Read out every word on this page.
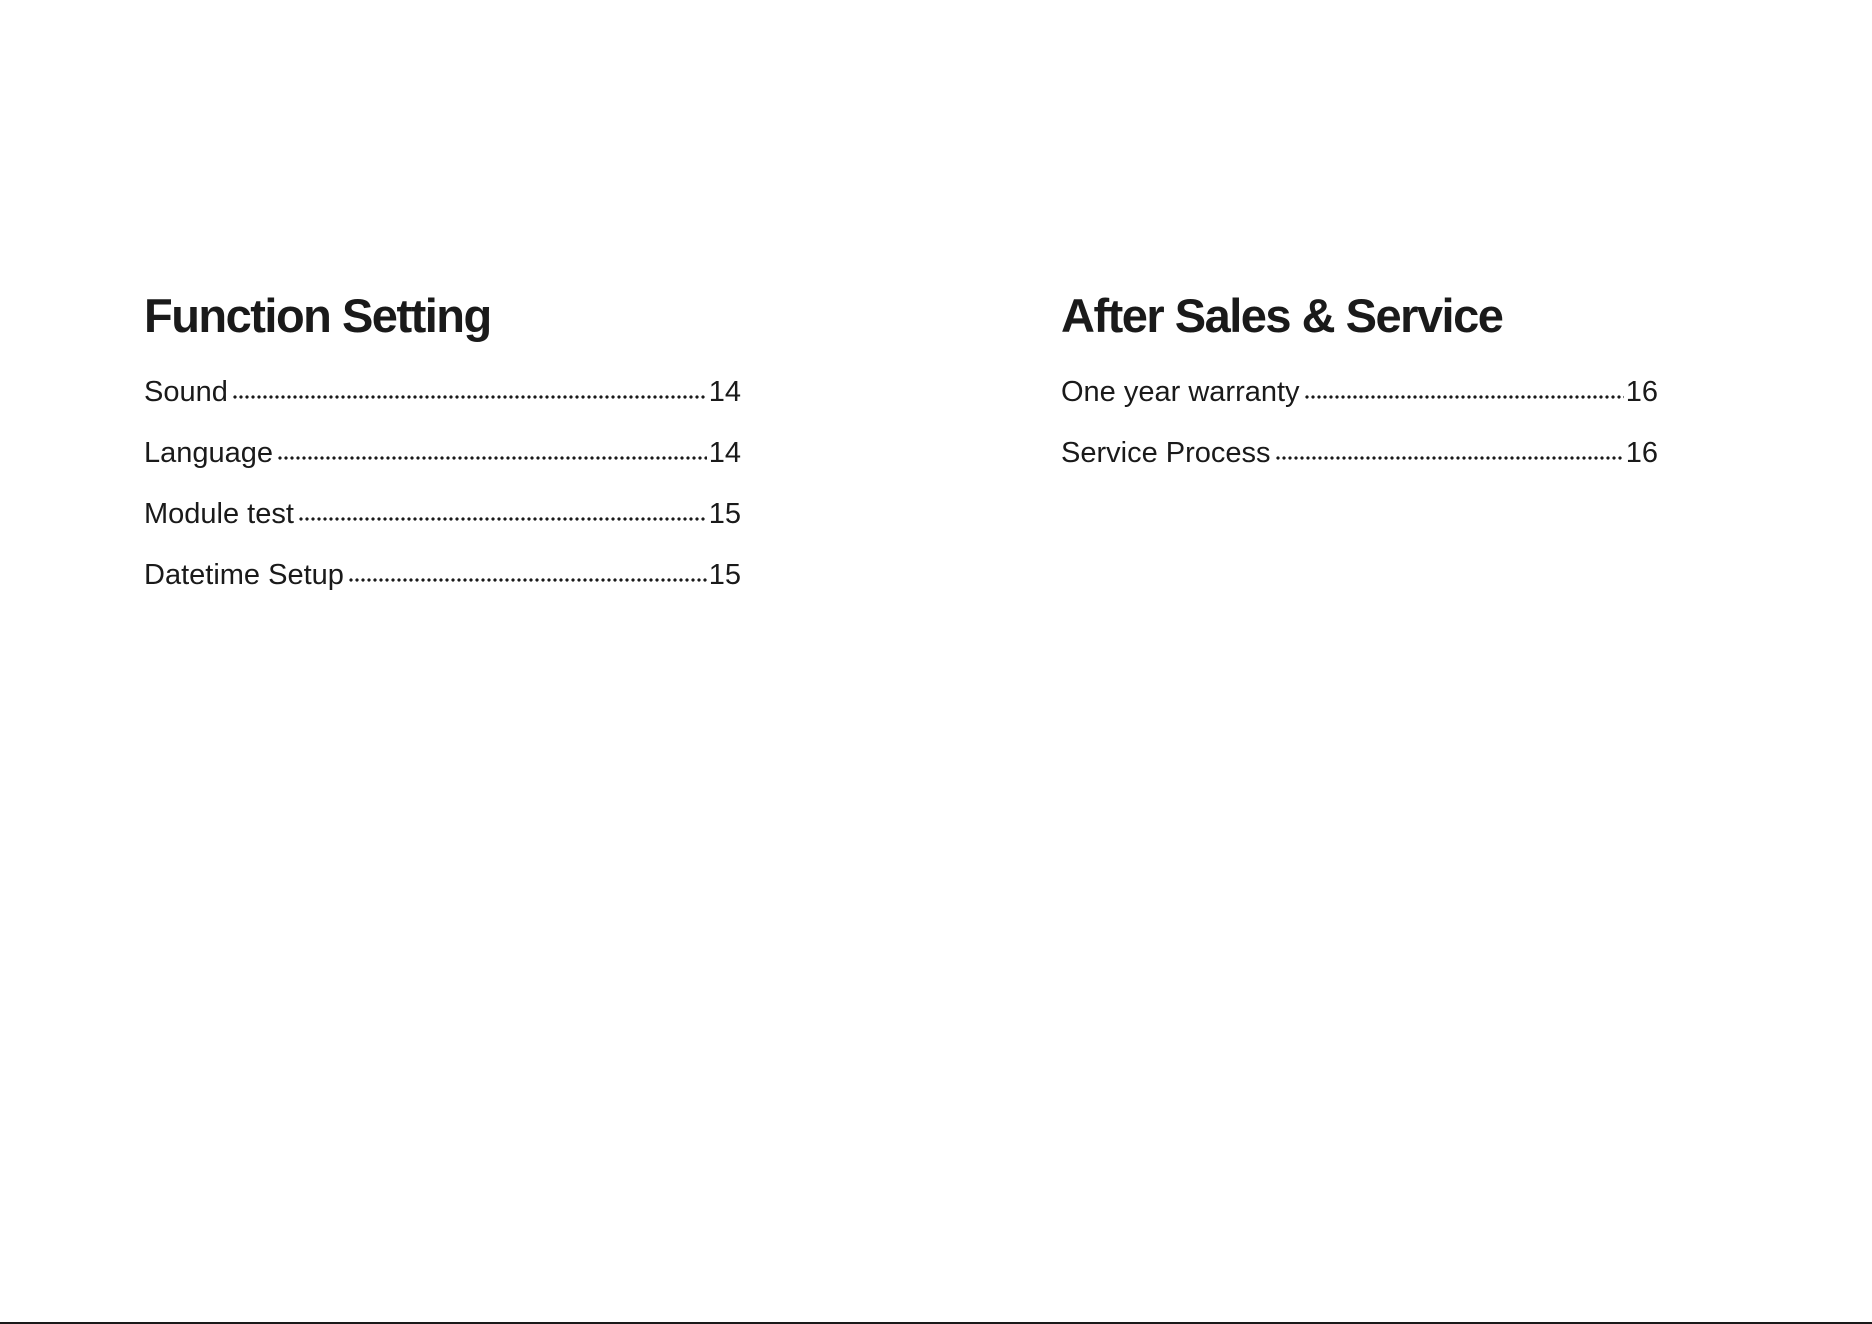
Function Setting
Sound	14
Language	14
Module test	15
Datetime Setup	15
After Sales & Service
One year warranty	16
Service Process	16
